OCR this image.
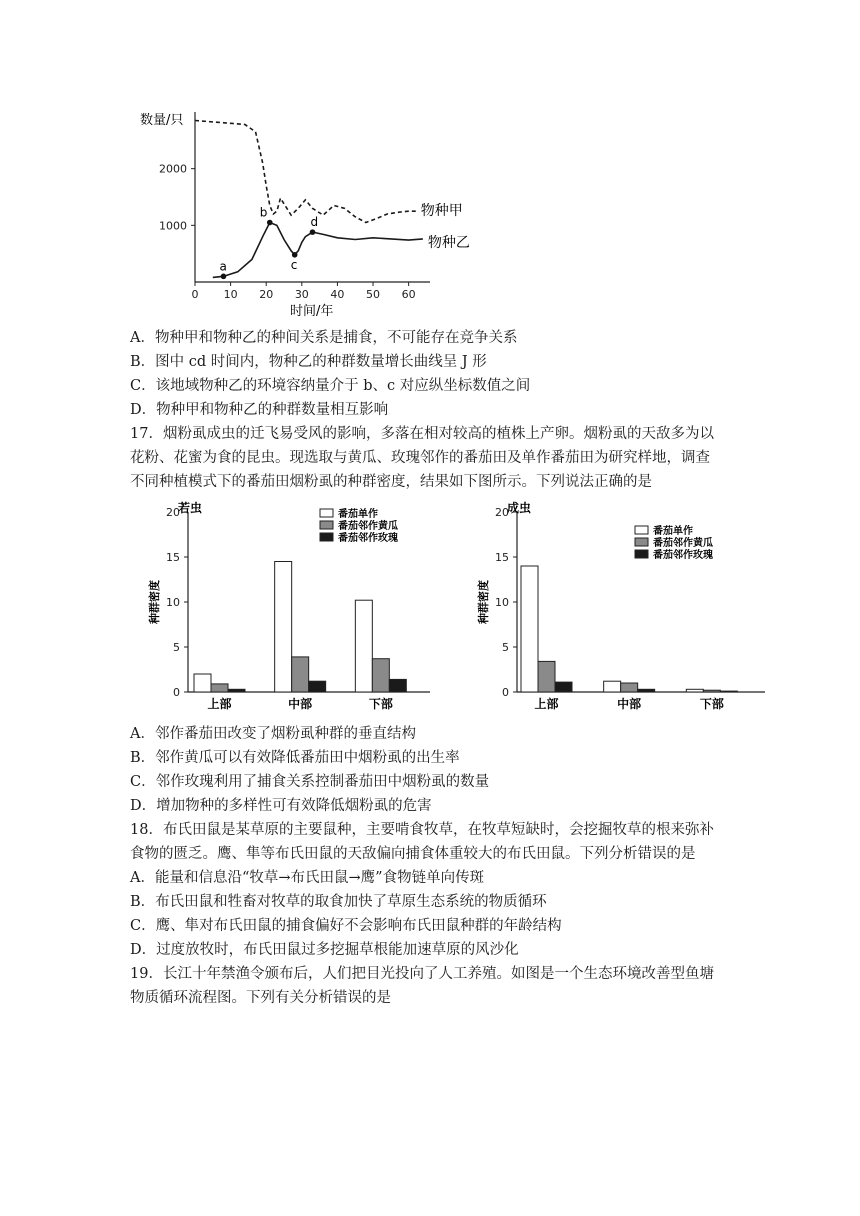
数量/只
时间/年
0 10 20 30 40 50 60
1000
2000
a
b
c
d
物种甲
物种乙
A．物种甲和物种乙的种间关系是捕食，不可能存在竞争关系
B．图中 cd 时间内，物种乙的种群数量增长曲线呈 J 形
C．该地域物种乙的环境容纳量介于 b、c 对应纵坐标数值之间
D．物种甲和物种乙的种群数量相互影响
17．烟粉虱成虫的迁飞易受风的影响，多落在相对较高的植株上产卵。烟粉虱的天敌多为以
花粉、花蜜为食的昆虫。现选取与黄瓜、玫瑰邻作的番茄田及单作番茄田为研究样地，调查
不同种植模式下的番茄田烟粉虱的种群密度，结果如下图所示。下列说法正确的是
0
5
10
15
20
若虫
种群密度
上部	中部	下部
番茄单作
番茄邻作黄瓜
番茄邻作玫瑰
0
5
10
15
20
成虫
种群密度
上部	中部	下部
番茄单作
番茄邻作黄瓜
番茄邻作玫瑰
A．邻作番茄田改变了烟粉虱种群的垂直结构
B．邻作黄瓜可以有效降低番茄田中烟粉虱的出生率
C．邻作玫瑰利用了捕食关系控制番茄田中烟粉虱的数量
D．增加物种的多样性可有效降低烟粉虱的危害
18．布氏田鼠是某草原的主要鼠种，主要啃食牧草，在牧草短缺时，会挖掘牧草的根来弥补
食物的匮乏。鹰、隼等布氏田鼠的天敌偏向捕食体重较大的布氏田鼠。下列分析错误的是
A．能量和信息沿“牧草→布氏田鼠→鹰”食物链单向传斑
B．布氏田鼠和牲畜对牧草的取食加快了草原生态系统的物质循环
C．鹰、隼对布氏田鼠的捕食偏好不会影响布氏田鼠种群的年龄结构
D．过度放牧时，布氏田鼠过多挖掘草根能加速草原的风沙化
19．长江十年禁渔令颁布后，人们把目光投向了人工养殖。如图是一个生态环境改善型鱼塘
物质循环流程图。下列有关分析错误的是
